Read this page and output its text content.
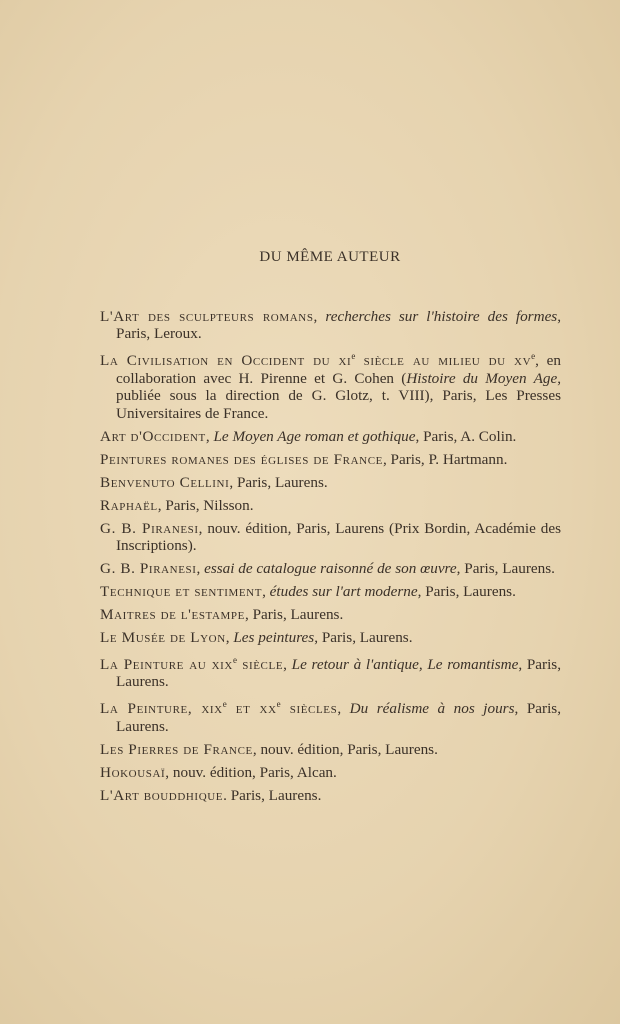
DU MÊME AUTEUR
L'Art des sculpteurs romans, recherches sur l'histoire des formes, Paris, Leroux.
La Civilisation en Occident du $xi^e$ siècle au milieu du $xv^e$, en collaboration avec H. Pirenne et G. Cohen (Histoire du Moyen Age, publiée sous la direction de G. Glotz, t. VIII), Paris, Les Presses Universitaires de France.
Art d'Occident, Le Moyen Age roman et gothique, Paris, A. Colin.
Peintures romanes des églises de France, Paris, P. Hartmann.
Benvenuto Cellini, Paris, Laurens.
Raphaël, Paris, Nilsson.
G. B. Piranesi, nouv. édition, Paris, Laurens (Prix Bordin, Académie des Inscriptions).
G. B. Piranesi, essai de catalogue raisonné de son œuvre, Paris, Laurens.
Technique et sentiment, études sur l'art moderne, Paris, Laurens.
Maitres de l'estampe, Paris, Laurens.
Le Musée de Lyon, Les peintures, Paris, Laurens.
La Peinture au xix$^e$ siècle, Le retour à l'antique, Le romantisme, Paris, Laurens.
La Peinture, xix$^e$ et $xx^e$ siècles, Du réalisme à nos jours, Paris, Laurens.
Les Pierres de France, nouv. édition, Paris, Laurens.
Hokousaï, nouv. édition, Paris, Alcan.
L'Art bouddhique. Paris, Laurens.
